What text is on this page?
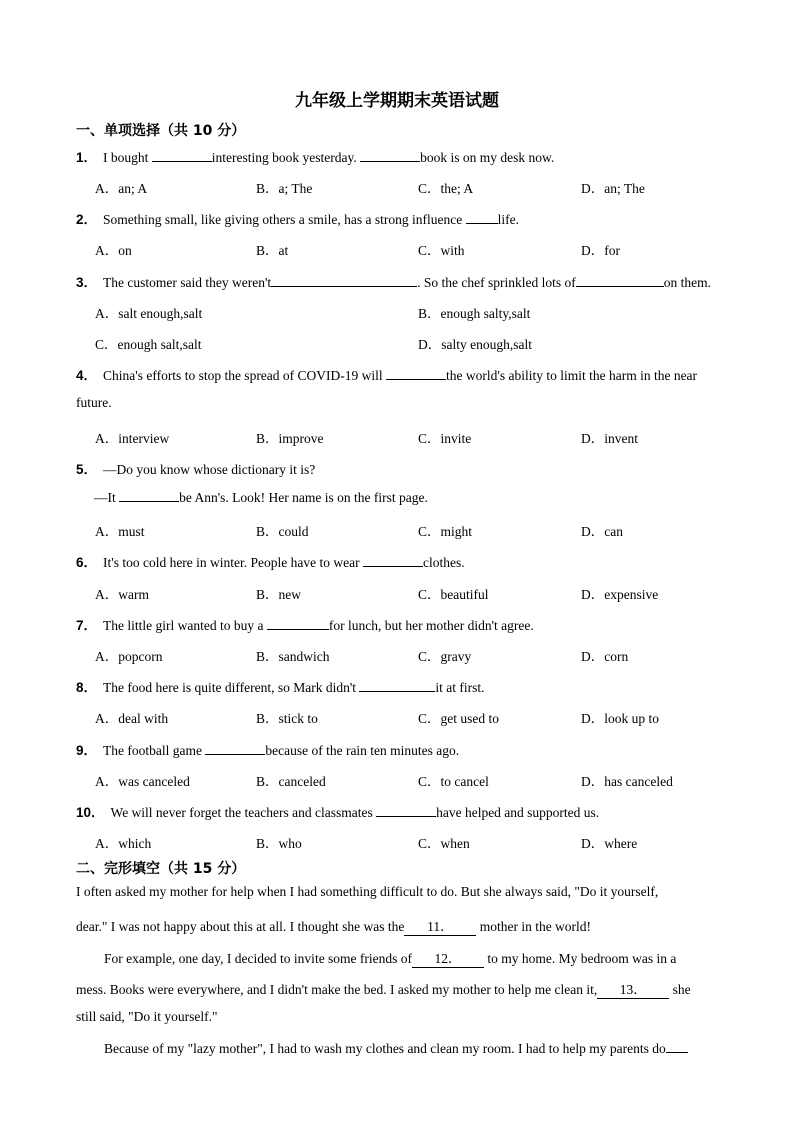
九年级上学期期末英语试题
一、单项选择（共 10 分）
1． I bought	interesting book yesterday.	book is on my desk now.
A．an; A	B．a; The	C．the; A	D．an; The
2． Something small, like giving others a smile, has a strong influence life.
A．on	B．at	C．with	D．for
3． The customer said they weren't	. So the chef sprinkled lots of	on them.
A．salt enough,salt	B．enough salty,salt
C．enough salt,salt	D．salty enough,salt
4． China's efforts to stop the spread of COVID-19 will	the world's ability to limit the harm in the near
future.
A．interview	B．improve	C．invite	D．invent
5． —Do you know whose dictionary it is?
—It	be Ann's. Look! Her name is on the first page.
A．must	B．could	C．might	D．can
6． It's too cold here in winter. People have to wear	clothes.
A．warm	B．new	C．beautiful	D．expensive
7． The little girl wanted to buy a	for lunch, but her mother didn't agree.
A．popcorn	B．sandwich	C．gravy	D．corn
8． The food here is quite different, so Mark didn't	it at first.
A．deal with	B．stick to	C．get used to	D．look up to
9． The football game	because of the rain ten minutes ago.
A．was canceled	B．canceled	C．to cancel	D．has canceled
10． We will never forget the teachers and classmates	have helped and supported us.
A．which	B．who	C．when	D．where
二、完形填空（共 15 分）
I often asked my mother for help when I had something difficult to do. But she always said, "Do it yourself,
dear." I was not happy about this at all. I thought she was the 11． mother in the world!
For example, one day, I decided to invite some friends of 12． to my home. My bedroom was in a
mess. Books were everywhere, and I didn't make the bed. I asked my mother to help me clean it, 13． she
still said, "Do it yourself."
Because of my "lazy mother", I had to wash my clothes and clean my room. I had to help my parents do
